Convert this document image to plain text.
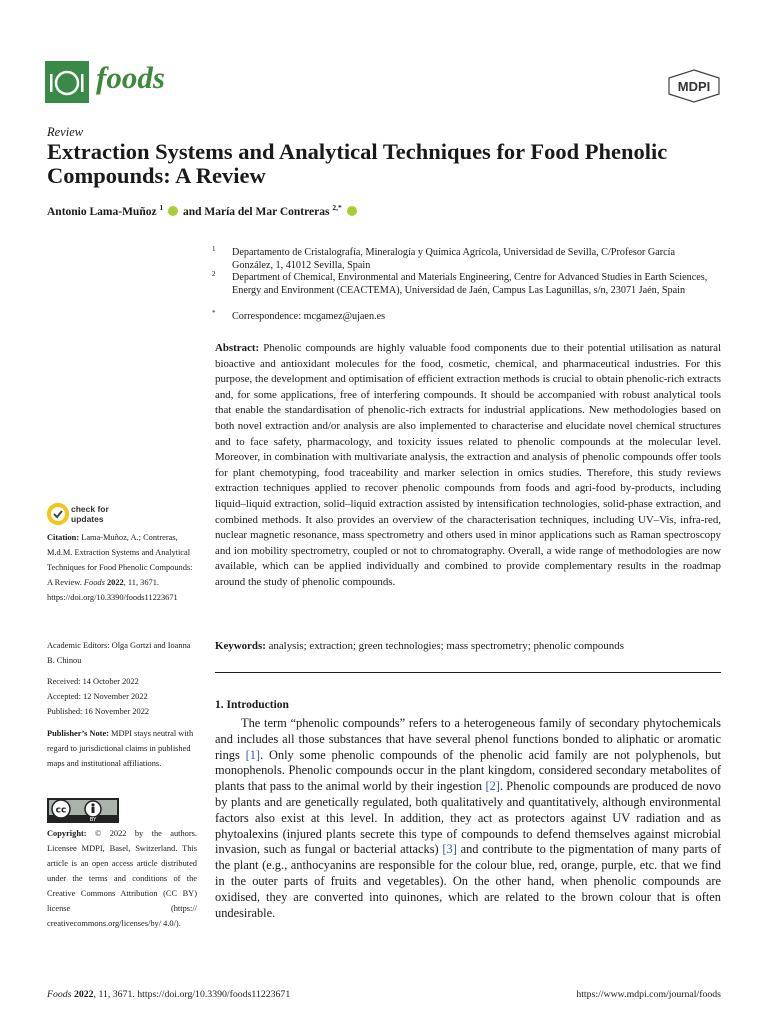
foods	MDPI
Review
Extraction Systems and Analytical Techniques for Food Phenolic Compounds: A Review
Antonio Lama-Muñoz $^1$ and María del Mar Contreras $^{2,*}$
1 Departamento de Cristalografía, Mineralogía y Química Agrícola, Universidad de Sevilla, C/Profesor García González, 1, 41012 Sevilla, Spain
2 Department of Chemical, Environmental and Materials Engineering, Centre for Advanced Studies in Earth Sciences, Energy and Environment (CEACTEMA), Universidad de Jaén, Campus Las Lagunillas, s/n, 23071 Jaén, Spain
* Correspondence: mcgamez@ujaen.es
Abstract: Phenolic compounds are highly valuable food components due to their potential utilisation as natural bioactive and antioxidant molecules for the food, cosmetic, chemical, and pharmaceutical industries. For this purpose, the development and optimisation of efficient extraction methods is crucial to obtain phenolic-rich extracts and, for some applications, free of interfering compounds. It should be accompanied with robust analytical tools that enable the standardisation of phenolic-rich extracts for industrial applications. New methodologies based on both novel extraction and/or analysis are also implemented to characterise and elucidate novel chemical structures and to face safety, pharmacology, and toxicity issues related to phenolic compounds at the molecular level. Moreover, in combination with multivariate analysis, the extraction and analysis of phenolic compounds offer tools for plant chemotyping, food traceability and marker selection in omics studies. Therefore, this study reviews extraction techniques applied to recover phenolic compounds from foods and agri-food by-products, including liquid–liquid extraction, solid–liquid extraction assisted by intensification technologies, solid-phase extraction, and combined methods. It also provides an overview of the characterisation techniques, including UV–Vis, infra-red, nuclear magnetic resonance, mass spectrometry and others used in minor applications such as Raman spectroscopy and ion mobility spectrometry, coupled or not to chromatography. Overall, a wide range of methodologies are now available, which can be applied individually and combined to provide complementary results in the roadmap around the study of phenolic compounds.
Keywords: analysis; extraction; green technologies; mass spectrometry; phenolic compounds
1. Introduction
The term “phenolic compounds” refers to a heterogeneous family of secondary phytochemicals and includes all those substances that have several phenol functions bonded to aliphatic or aromatic rings [1]. Only some phenolic compounds of the phenolic acid family are not polyphenols, but monophenols. Phenolic compounds occur in the plant kingdom, considered secondary metabolites of plants that pass to the animal world by their ingestion [2]. Phenolic compounds are produced de novo by plants and are genetically regulated, both qualitatively and quantitatively, although environmental factors also exist at this level. In addition, they act as protectors against UV radiation and as phytoalexins (injured plants secrete this type of compounds to defend themselves against microbial invasion, such as fungal or bacterial attacks) [3] and contribute to the pigmentation of many parts of the plant (e.g., anthocyanins are responsible for the colour blue, red, orange, purple, etc. that we find in the outer parts of fruits and vegetables). On the other hand, when phenolic compounds are oxidised, they are converted into quinones, which are related to the brown colour that is often undesirable.
check for
updates
Citation: Lama-Muñoz, A.; Contreras, M.d.M. Extraction Systems and Analytical Techniques for Food Phenolic Compounds: A Review. Foods 2022, 11, 3671. https://doi.org/10.3390/foods11223671
Academic Editors: Olga Gortzi and Ioanna B. Chinou
Received: 14 October 2022
Accepted: 12 November 2022
Published: 16 November 2022
Publisher’s Note: MDPI stays neutral with regard to jurisdictional claims in published maps and institutional affiliations.
cc
BY
Copyright: © 2022 by the authors. Licensee MDPI, Basel, Switzerland. This article is an open access article distributed under the terms and conditions of the Creative Commons Attribution (CC BY) license (https:// creativecommons.org/licenses/by/ 4.0/).
Foods 2022, 11, 3671. https://doi.org/10.3390/foods11223671	https://www.mdpi.com/journal/foods
